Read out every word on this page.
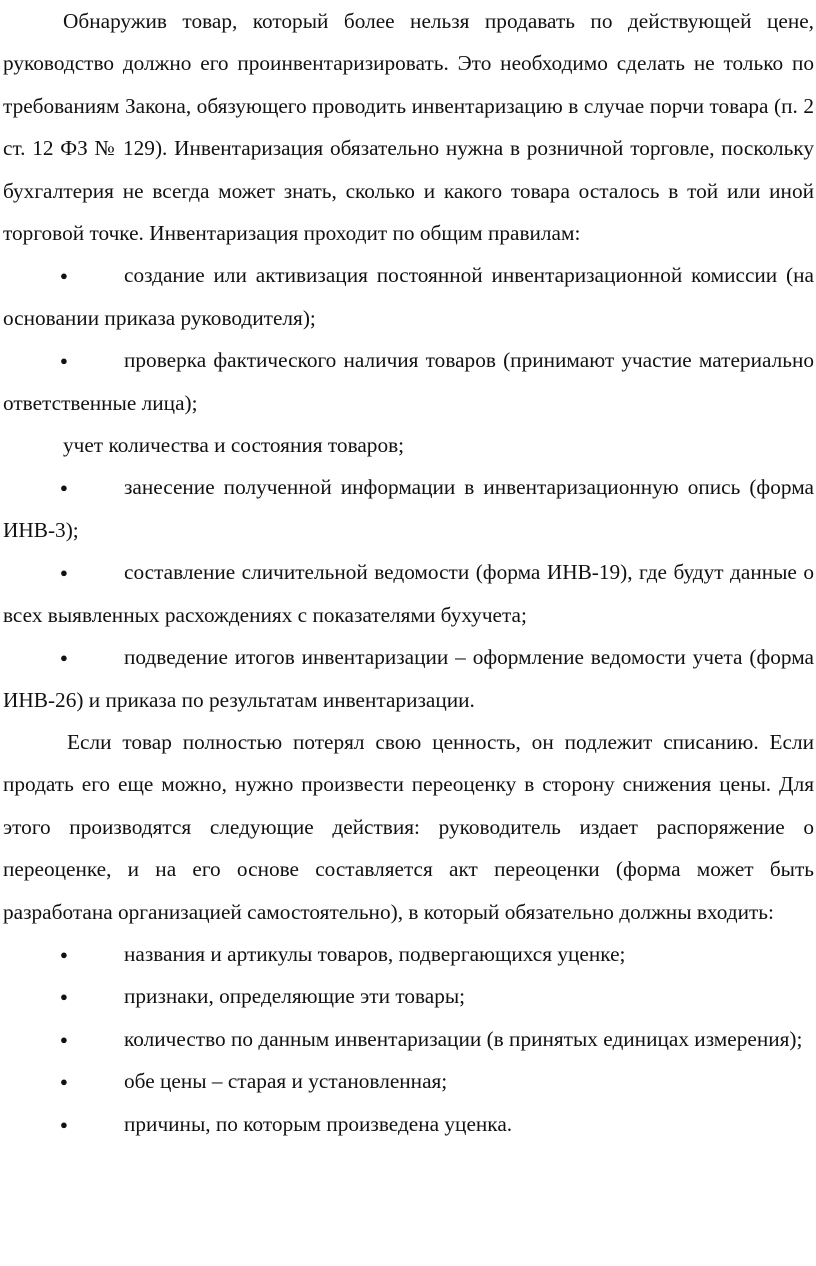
Обнаружив товар, который более нельзя продавать по действующей цене, руководство должно его проинвентаризировать. Это необходимо сделать не только по требованиям Закона, обязующего проводить инвентаризацию в случае порчи товара (п. 2 ст. 12 ФЗ № 129). Инвентаризация обязательно нужна в розничной торговле, поскольку бухгалтерия не всегда может знать, сколько и какого товара осталось в той или иной торговой точке. Инвентаризация проходит по общим правилам:

●	создание или активизация постоянной инвентаризационной комиссии (на основании приказа руководителя);

●	проверка фактического наличия товаров (принимают участие материально ответственные лица);

учет количества и состояния товаров;

●	занесение полученной информации в инвентаризационную опись (форма ИНВ-3);

●	составление сличительной ведомости (форма ИНВ-19), где будут данные о всех выявленных расхождениях с показателями бухучета;

●	подведение итогов инвентаризации – оформление ведомости учета (форма ИНВ-26) и приказа по результатам инвентаризации.

Если товар полностью потерял свою ценность, он подлежит списанию. Если продать его еще можно, нужно произвести переоценку в сторону снижения цены. Для этого производятся следующие действия: руководитель издает распоряжение о переоценке, и на его основе составляется акт переоценки (форма может быть разработана организацией самостоятельно), в который обязательно должны входить:

●	названия и артикулы товаров, подвергающихся уценке;

●	признаки, определяющие эти товары;

●	количество по данным инвентаризации (в принятых единицах измерения);

●	обе цены – старая и установленная;

●	причины, по которым произведена уценка.
